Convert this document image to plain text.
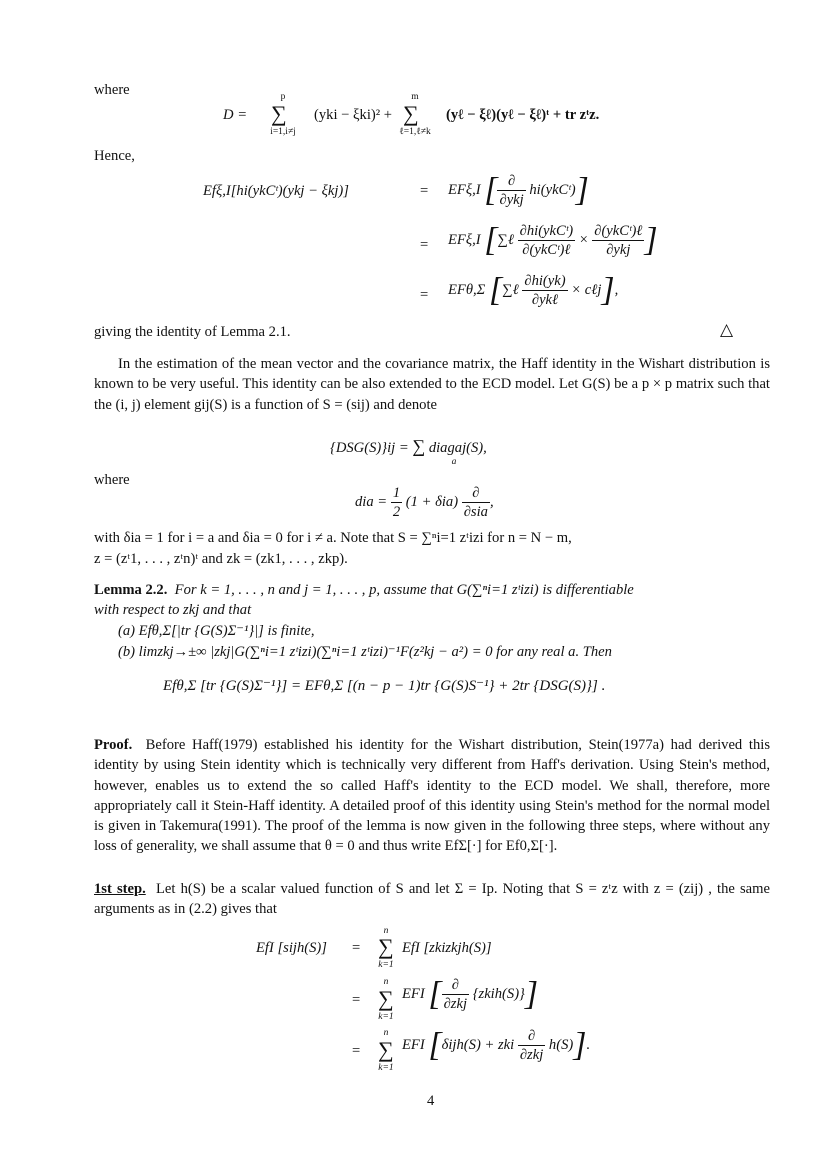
where
D =
p
∑
i=1,i≠j
(yki − ξki)² +
m
∑
ℓ=1,ℓ≠k
(yℓ − ξℓ)(yℓ − ξℓ)ᵗ + tr zᵗz.
Hence,
Efξ,I[hi(ykCᵗ)(ykj − ξkj)]	= EFξ,I [ $\frac{\partial}{\text{∂ykj}}$ hi(ykCᵗ)]
= EFξ,I [∑ℓ $\frac{\text{∂hi(ykCᵗ)}}{\text{∂(ykCᵗ)ℓ}} \times \frac{\text{∂(ykCᵗ)ℓ}}{\text{∂ykj}}$ ]
= EFθ,Σ [∑ℓ $\frac{\partial hi(yk)}{\text{∂ykℓ}}$ × cℓj],
giving the identity of Lemma 2.1.	△
In the estimation of the mean vector and the covariance matrix, the Haff identity in the Wishart distribution is known to be very useful. This identity can be also extended to the ECD model. Let G(S) be a p × p matrix such that the (i, j) element gij(S) is a function of S = (sij) and denote
{DSG(S)}ij = ∑ diagaj(S),
a
where
dia = $\frac{1}{2} (1 + \delta ia) \frac{\partial}{\text{∂sia}}$ ,
with δia = 1 for i = a and δia = 0 for i ≠ a. Note that S = ∑ⁿi=1 zᵗizi for n = N − m,
z = (zᵗ1, . . . , zᵗn)ᵗ and zk = (zk1, . . . , zkp).
Lemma 2.2. For k = 1, . . . , n and j = 1, . . . , p, assume that G(∑ⁿi=1 zᵗizi) is differentiable
with respect to zkj and that
(a) Efθ,Σ[|tr {G(S)Σ⁻¹}|] is finite,
(b) limzkj→±∞ |zkj|G(∑ⁿi=1 zᵗizi)(∑ⁿi=1 zᵗizi)⁻¹F(z²kj − a²) = 0 for any real a. Then
Efθ,Σ [tr {G(S)Σ⁻¹}] = EFθ,Σ [(n − p − 1)tr {G(S)S⁻¹} + 2tr {DSG(S)}] .
Proof. Before Haff(1979) established his identity for the Wishart distribution, Stein(1977a) had derived this identity by using Stein identity which is technically very different from Haff's derivation. Using Stein's method, however, enables us to extend the so called Haff's identity to the ECD model. We shall, therefore, more appropriately call it Stein-Haff identity. A detailed proof of this identity using Stein's method for the normal model is given in Takemura(1991). The proof of the lemma is now given in the following three steps, where without any loss of generality, we shall assume that θ = 0 and thus write EfΣ[·] for Ef0,Σ[·].
1st step. Let h(S) be a scalar valued function of S and let Σ = Ip. Noting that S = zᵗz with z = (zij) , the same arguments as in (2.2) gives that
EfI [sijh(S)] =
n
∑
k=1
EfI [zkizkjh(S)]
=
n
∑
k=1
EFI [ $\frac{\partial}{\text{∂zkj}}$ {zkih(S)}]
=
n
∑
k=1
EFI [δijh(S) + zki $\frac{\partial}{\text{∂zkj}} h(S)$].
4
